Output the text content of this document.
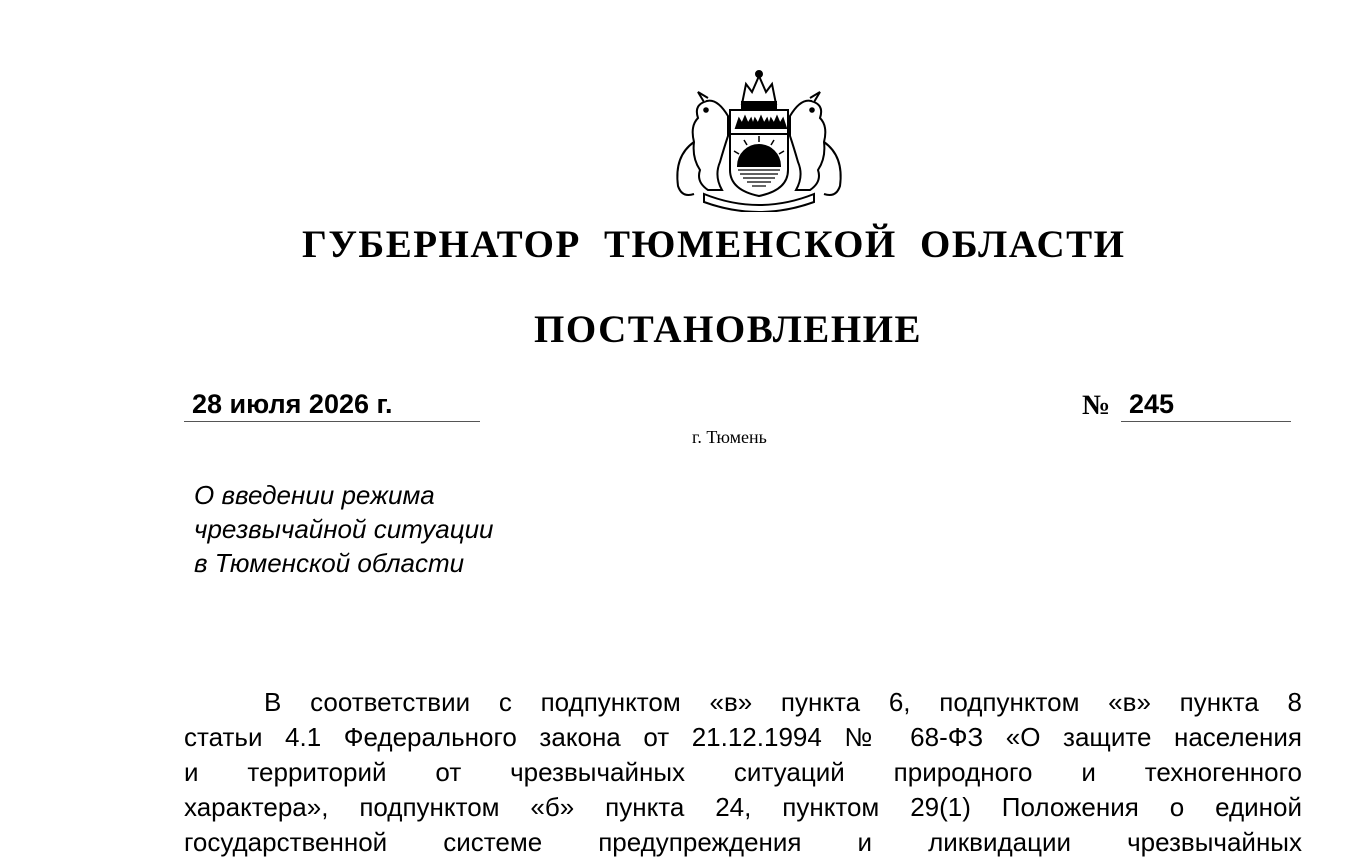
ГУБЕРНАТОР ТЮМЕНСКОЙ ОБЛАСТИ
ПОСТАНОВЛЕНИЕ
28 июля 2026 г.	№ 245
г. Тюмень
О введении режима
чрезвычайной ситуации
в Тюменской области
В соответствии с подпунктом «в» пункта 6, подпунктом «в» пункта 8
статьи 4.1 Федерального закона от 21.12.1994 № 68-ФЗ «О защите населения
и территорий от чрезвычайных ситуаций природного и техногенного
характера», подпунктом «б» пункта 24, пунктом 29(1) Положения о единой
государственной системе предупреждения и ликвидации чрезвычайных
